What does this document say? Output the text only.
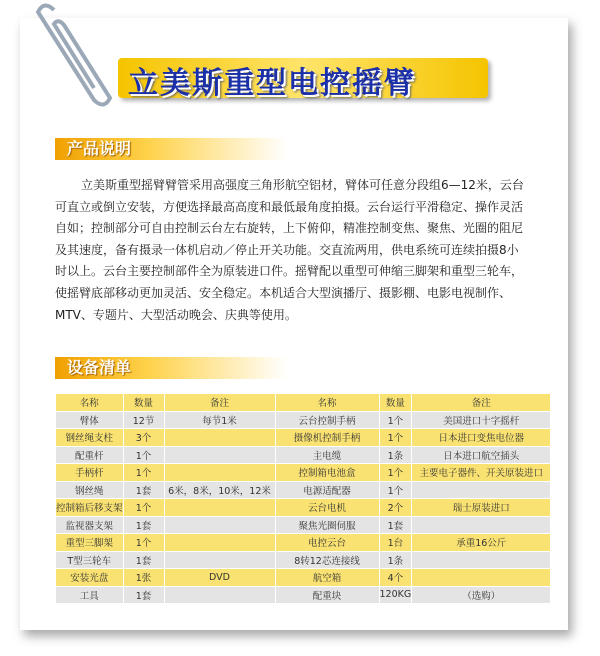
立美斯重型电控摇臂
产品说明
立美斯重型摇臂臂管采用高强度三角形航空铝材，臂体可任意分段组6—12米，云台可直立或倒立安装，方便选择最高高度和最低最角度拍摄。云台运行平滑稳定、操作灵活自如；控制部分可自由控制云台左右旋转，上下俯仰，精准控制变焦、聚焦、光圈的阻尼及其速度，备有摄录一体机启动／停止开关功能。交直流两用，供电系统可连续拍摄8小时以上。云台主要控制部件全为原装进口件。摇臂配以重型可伸缩三脚架和重型三轮车，使摇臂底部移动更加灵活、安全稳定。本机适合大型演播厅、摄影棚、电影电视制作、MTV、专题片、大型活动晚会、庆典等使用。
设备清单
名称	数量	备注	名称	数量	备注
臂体	12节	每节1米	云台控制手柄	1个	美国进口十字摇杆
钢丝绳支柱	3个		摄像机控制手柄	1个	日本进口变焦电位器
配重杆	1个		主电缆	1条	日本进口航空插头
手柄杆	1个		控制箱电池盒	1个	主要电子器件、开关原装进口
钢丝绳	1套	6米，8米，10米，12米	电源适配器	1个	
控制箱后移支架	1个		云台电机	2个	瑞士原装进口
监视器支架	1套		聚焦光圈伺服	1套	
重型三脚架	1个		电控云台	1台	承重16公斤
T型三轮车	1套		8转12芯连接线	1条	
安装光盘	1张	DVD	航空箱	4个	
工具	1套		配重块	120KG	（选购）
